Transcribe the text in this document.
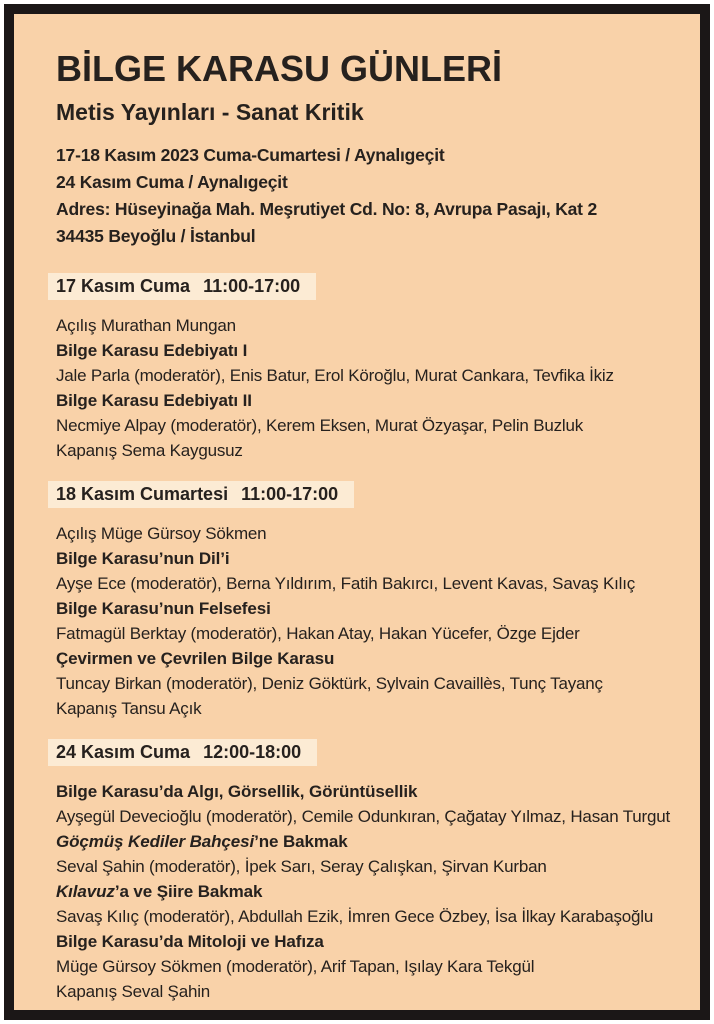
BİLGE KARASU GÜNLERİ
Metis Yayınları - Sanat Kritik

17-18 Kasım 2023 Cuma-Cumartesi / Aynalıgeçit

24 Kasım Cuma / Aynalıgeçit

Adres: Hüseyinağa Mah. Meşrutiyet Cd. No: 8, Avrupa Pasajı, Kat 2

34435 Beyoğlu / İstanbul

17 Kasım Cuma 11:00-17:00

Açılış Murathan Mungan

Bilge Karasu Edebiyatı I

Jale Parla (moderatör), Enis Batur, Erol Köroğlu, Murat Cankara, Tevfika İkiz

Bilge Karasu Edebiyatı II

Necmiye Alpay (moderatör), Kerem Eksen, Murat Özyaşar, Pelin Buzluk

Kapanış Sema Kaygusuz

18 Kasım Cumartesi 11:00-17:00

Açılış Müge Gürsoy Sökmen

Bilge Karasu’nun Dil’i

Ayşe Ece (moderatör), Berna Yıldırım, Fatih Bakırcı, Levent Kavas, Savaş Kılıç

Bilge Karasu’nun Felsefesi

Fatmagül Berktay (moderatör), Hakan Atay, Hakan Yücefer, Özge Ejder

Çevirmen ve Çevrilen Bilge Karasu

Tuncay Birkan (moderatör), Deniz Göktürk, Sylvain Cavaillès, Tunç Tayanç

Kapanış Tansu Açık

24 Kasım Cuma 12:00-18:00

Bilge Karasu’da Algı, Görsellik, Görüntüsellik

Ayşegül Devecioğlu (moderatör), Cemile Odunkıran, Çağatay Yılmaz, Hasan Turgut

Göçmüş Kediler Bahçesi’ne Bakmak

Seval Şahin (moderatör), İpek Sarı, Seray Çalışkan, Şirvan Kurban

Kılavuz’a ve Şiire Bakmak

Savaş Kılıç (moderatör), Abdullah Ezik, İmren Gece Özbey, İsa İlkay Karabaşoğlu

Bilge Karasu’da Mitoloji ve Hafıza

Müge Gürsoy Sökmen (moderatör), Arif Tapan, Işılay Kara Tekgül

Kapanış Seval Şahin
